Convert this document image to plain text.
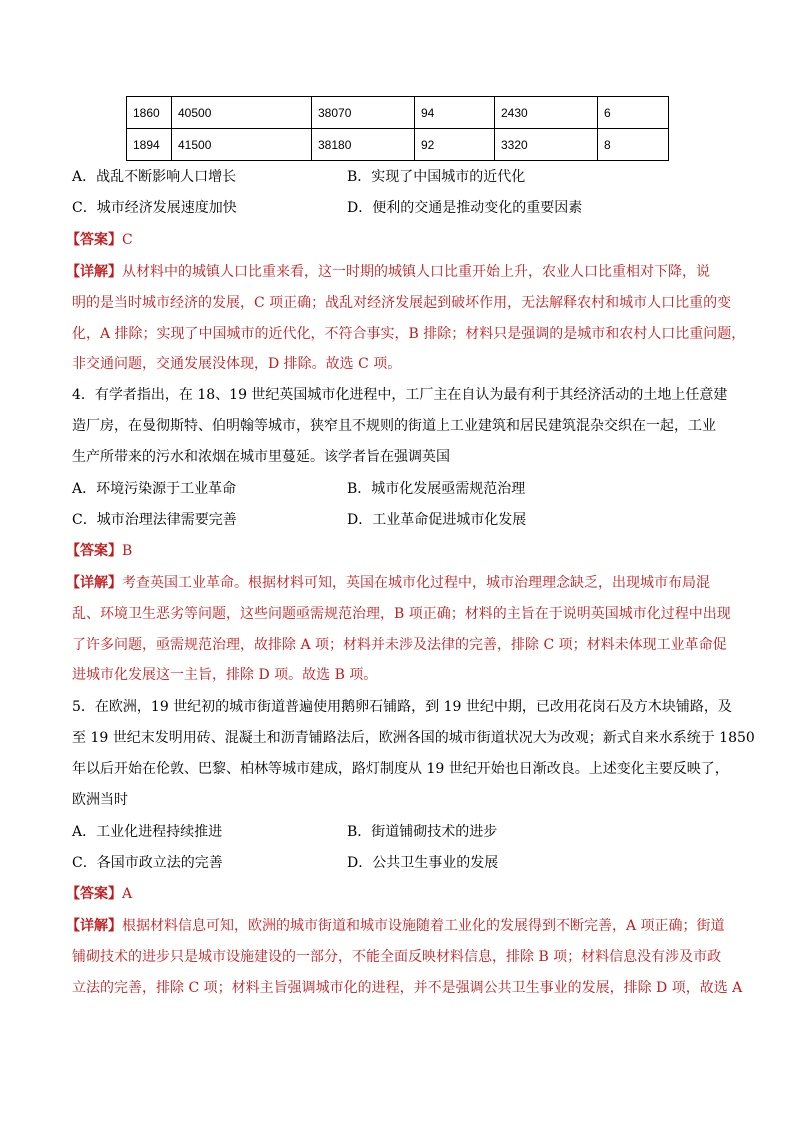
1860	40500	38070	94	2430	6
1894	41500	38180	92	3320	8
A．战乱不断影响人口增长	B．实现了中国城市的近代化
C．城市经济发展速度加快	D．便利的交通是推动变化的重要因素
【答案】C
【详解】从材料中的城镇人口比重来看，这一时期的城镇人口比重开始上升，农业人口比重相对下降，说
明的是当时城市经济的发展，C 项正确；战乱对经济发展起到破坏作用，无法解释农村和城市人口比重的变
化，A 排除；实现了中国城市的近代化，不符合事实，B 排除；材料只是强调的是城市和农村人口比重问题，
非交通问题，交通发展没体现，D 排除。故选 C 项。
4．有学者指出，在 18、19 世纪英国城市化进程中，工厂主在自认为最有利于其经济活动的土地上任意建
造厂房，在曼彻斯特、伯明翰等城市，狭窄且不规则的街道上工业建筑和居民建筑混杂交织在一起，工业
生产所带来的污水和浓烟在城市里蔓延。该学者旨在强调英国
A．环境污染源于工业革命	B．城市化发展亟需规范治理
C．城市治理法律需要完善	D．工业革命促进城市化发展
【答案】B
【详解】考查英国工业革命。根据材料可知，英国在城市化过程中，城市治理理念缺乏，出现城市布局混
乱、环境卫生恶劣等问题，这些问题亟需规范治理，B 项正确；材料的主旨在于说明英国城市化过程中出现
了许多问题，亟需规范治理，故排除 A 项；材料并未涉及法律的完善，排除 C 项；材料未体现工业革命促
进城市化发展这一主旨，排除 D 项。故选 B 项。
5．在欧洲，19 世纪初的城市街道普遍使用鹅卵石铺路，到 19 世纪中期，已改用花岗石及方木块铺路，及
至 19 世纪末发明用砖、混凝土和沥青铺路法后，欧洲各国的城市街道状况大为改观；新式自来水系统于 1850
年以后开始在伦敦、巴黎、柏林等城市建成，路灯制度从 19 世纪开始也日渐改良。上述变化主要反映了，
欧洲当时
A．工业化进程持续推进	B．街道铺砌技术的进步
C．各国市政立法的完善	D．公共卫生事业的发展
【答案】A
【详解】根据材料信息可知，欧洲的城市街道和城市设施随着工业化的发展得到不断完善，A 项正确；街道
铺砌技术的进步只是城市设施建设的一部分，不能全面反映材料信息，排除 B 项；材料信息没有涉及市政
立法的完善，排除 C 项；材料主旨强调城市化的进程，并不是强调公共卫生事业的发展，排除 D 项，故选 A
